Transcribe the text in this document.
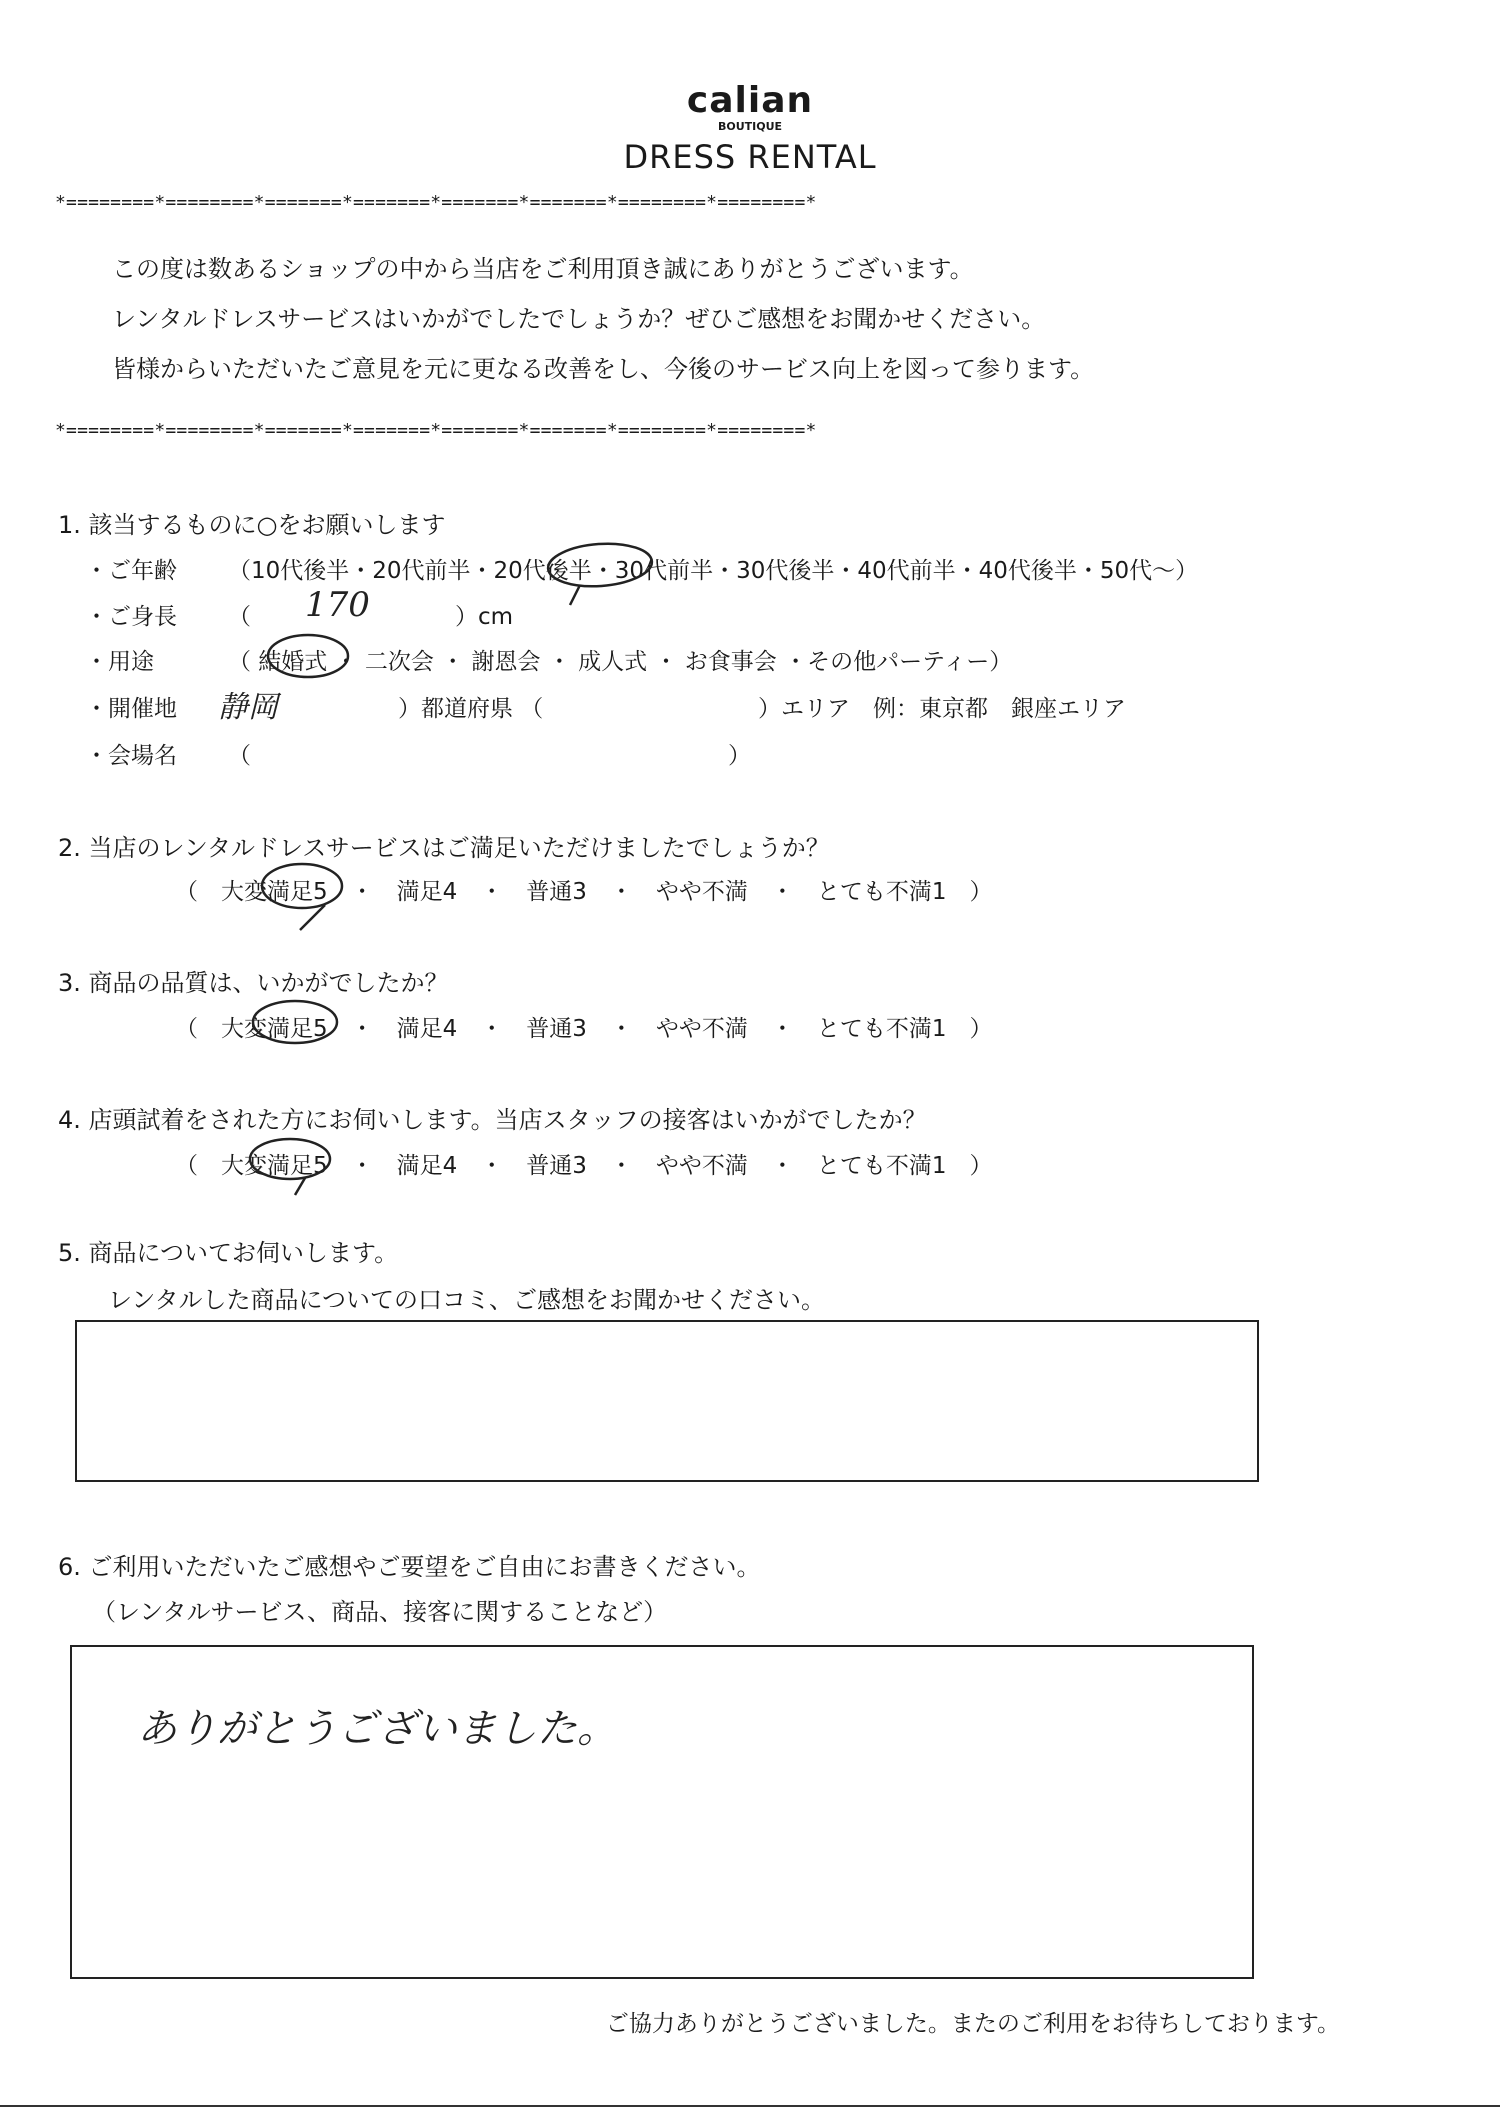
calian
BOUTIQUE
DRESS RENTAL
*========*========*=======*=======*=======*=======*========*========*
この度は数あるショップの中から当店をご利用頂き誠にありがとうございます。
レンタルドレスサービスはいかがでしたでしょうか？ぜひご感想をお聞かせください。
皆様からいただいたご意見を元に更なる改善をし、今後のサービス向上を図って参ります。
*========*========*=======*=======*=======*=======*========*========*
1. 該当するものに○をお願いします
・ご年齢 （10代後半・20代前半・20代後半・30代前半・30代後半・40代前半・40代後半・50代～）
・ご身長 （ 170	）cm
・用途	（ 結婚式 ・ 二次会 ・ 謝恩会 ・ 成人式 ・ お食事会 ・その他パーティー）
・開催地 静岡	）都道府県 （	）エリア　例：東京都　銀座エリア
・会場名 （	）
2. 当店のレンタルドレスサービスはご満足いただけましたでしょうか？
（　大変満足5　・　満足4　・　普通3　・　やや不満　・　とても不満1　）
3. 商品の品質は、いかがでしたか？
（　大変満足5　・　満足4　・　普通3　・　やや不満　・　とても不満1　）
4. 店頭試着をされた方にお伺いします。当店スタッフの接客はいかがでしたか？
（　大変満足5　・　満足4　・　普通3　・　やや不満　・　とても不満1　）
5. 商品についてお伺いします。
レンタルした商品についての口コミ、ご感想をお聞かせください。
6. ご利用いただいたご感想やご要望をご自由にお書きください。
（レンタルサービス、商品、接客に関することなど）
ありがとうございました。
ご協力ありがとうございました。またのご利用をお待ちしております。
